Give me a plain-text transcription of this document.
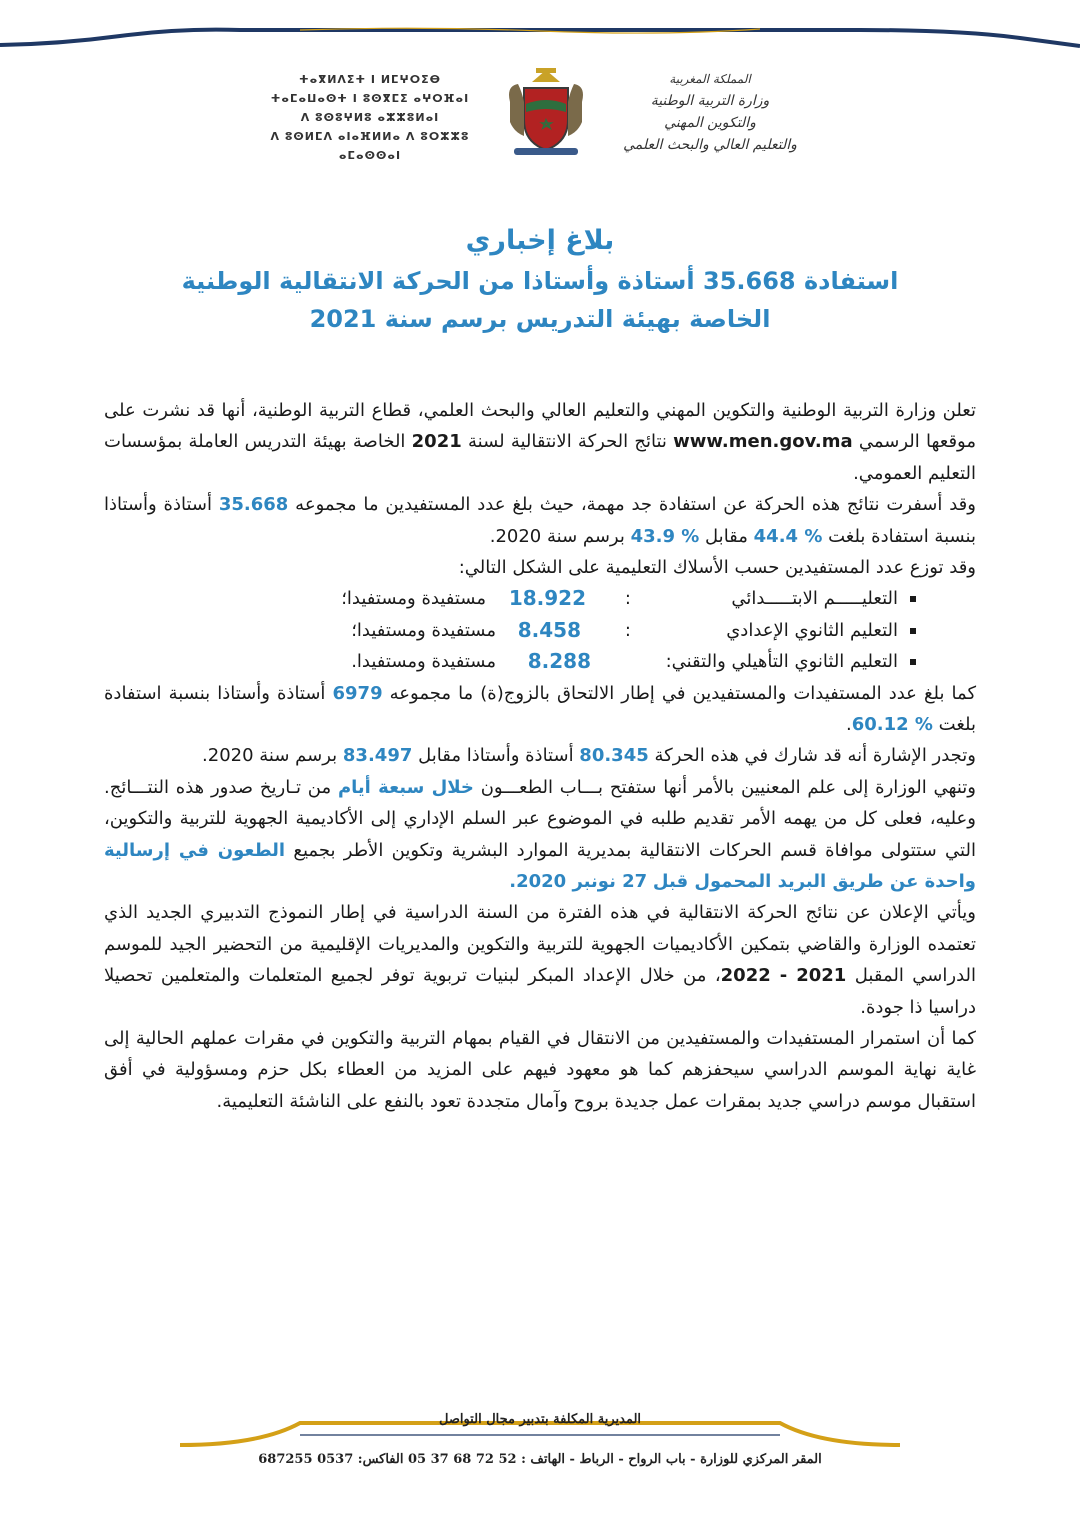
ⵜⴰⴳⵍⴷⵉⵜ ⵏ ⵍⵎⵖⵔⵉⴱ
ⵜⴰⵎⴰⵡⴰⵙⵜ ⵏ ⵓⵙⴳⵎⵉ ⴰⵖⵔⴼⴰⵏ
ⴷ ⵓⵙⵓⵖⵍⵓ ⴰⵣⵣⵓⵍⴰⵏ
ⴷ ⵓⵙⵍⵎⴷ ⴰⵏⴰⴼⵍⵍⴰ ⴷ ⵓⵔⵣⵣⵓ ⴰⵎⴰⵙⵙⴰⵏ
المملكة المغربية
وزارة التربية الوطنية
والتكوين المهني
والتعليم العالي والبحث العلمي
بلاغ إخباري
استفادة 35.668 أستاذة وأستاذا من الحركة الانتقالية الوطنية
الخاصة بهيئة التدريس برسم سنة 2021

تعلن وزارة التربية الوطنية والتكوين المهني والتعليم العالي والبحث العلمي، قطاع التربية الوطنية، أنها قد نشرت على موقعها الرسمي www.men.gov.ma نتائج الحركة الانتقالية لسنة 2021 الخاصة بهيئة التدريس العاملة بمؤسسات التعليم العمومي.

وقد أسفرت نتائج هذه الحركة عن استفادة جد مهمة، حيث بلغ عدد المستفيدين ما مجموعه 35.668 أستاذة وأستاذا بنسبة استفادة بلغت 44.4 % مقابل 43.9 % برسم سنة 2020.

وقد توزع عدد المستفيدين حسب الأسلاك التعليمية على الشكل التالي:

التعليـــــم الابتـــــدائي
:
18.922
مستفيدة ومستفيدا؛
التعليم الثانوي الإعدادي
:
8.458
مستفيدة ومستفيدا؛
التعليم الثانوي التأهيلي والتقني:
8.288
مستفيدة ومستفيدا.

كما بلغ عدد المستفيدات والمستفيدين في إطار الالتحاق بالزوج(ة) ما مجموعه 6979 أستاذة وأستاذا بنسبة استفادة بلغت 60.12 %.

وتجدر الإشارة أنه قد شارك في هذه الحركة 80.345 أستاذة وأستاذا مقابل 83.497 برسم سنة 2020.

وتنهي الوزارة إلى علم المعنيين بالأمر أنها ستفتح بـــاب الطعـــون خلال سبعة أيام من تـاريخ صدور هذه النتـــائج. وعليه، فعلى كل من يهمه الأمر تقديم طلبه في الموضوع عبر السلم الإداري إلى الأكاديمية الجهوية للتربية والتكوين، التي ستتولى موافاة قسم الحركات الانتقالية بمديرية الموارد البشرية وتكوين الأطر بجميع الطعون في إرسالية واحدة عن طريق البريد المحمول قبل 27 نونبر 2020.

ويأتي الإعلان عن نتائج الحركة الانتقالية في هذه الفترة من السنة الدراسية في إطار النموذج التدبيري الجديد الذي تعتمده الوزارة والقاضي بتمكين الأكاديميات الجهوية للتربية والتكوين والمديريات الإقليمية من التحضير الجيد للموسم الدراسي المقبل 2022 - 2021، من خلال الإعداد المبكر لبنيات تربوية توفر لجميع المتعلمات والمتعلمين تحصيلا دراسيا ذا جودة.

كما أن استمرار المستفيدات والمستفيدين من الانتقال في القيام بمهام التربية والتكوين في مقرات عملهم الحالية إلى غاية نهاية الموسم الدراسي سيحفزهم كما هو معهود فيهم على المزيد من العطاء بكل حزم ومسؤولية في أفق استقبال موسم دراسي جديد بمقرات عمل جديدة بروح وآمال متجددة تعود بالنفع على الناشئة التعليمية.

المديرية المكلفة بتدبير مجال التواصل
المقر المركزي للوزارة - باب الرواح - الرباط - الهاتف : 52 72 68 37 05 الفاكس: 0537 687255
